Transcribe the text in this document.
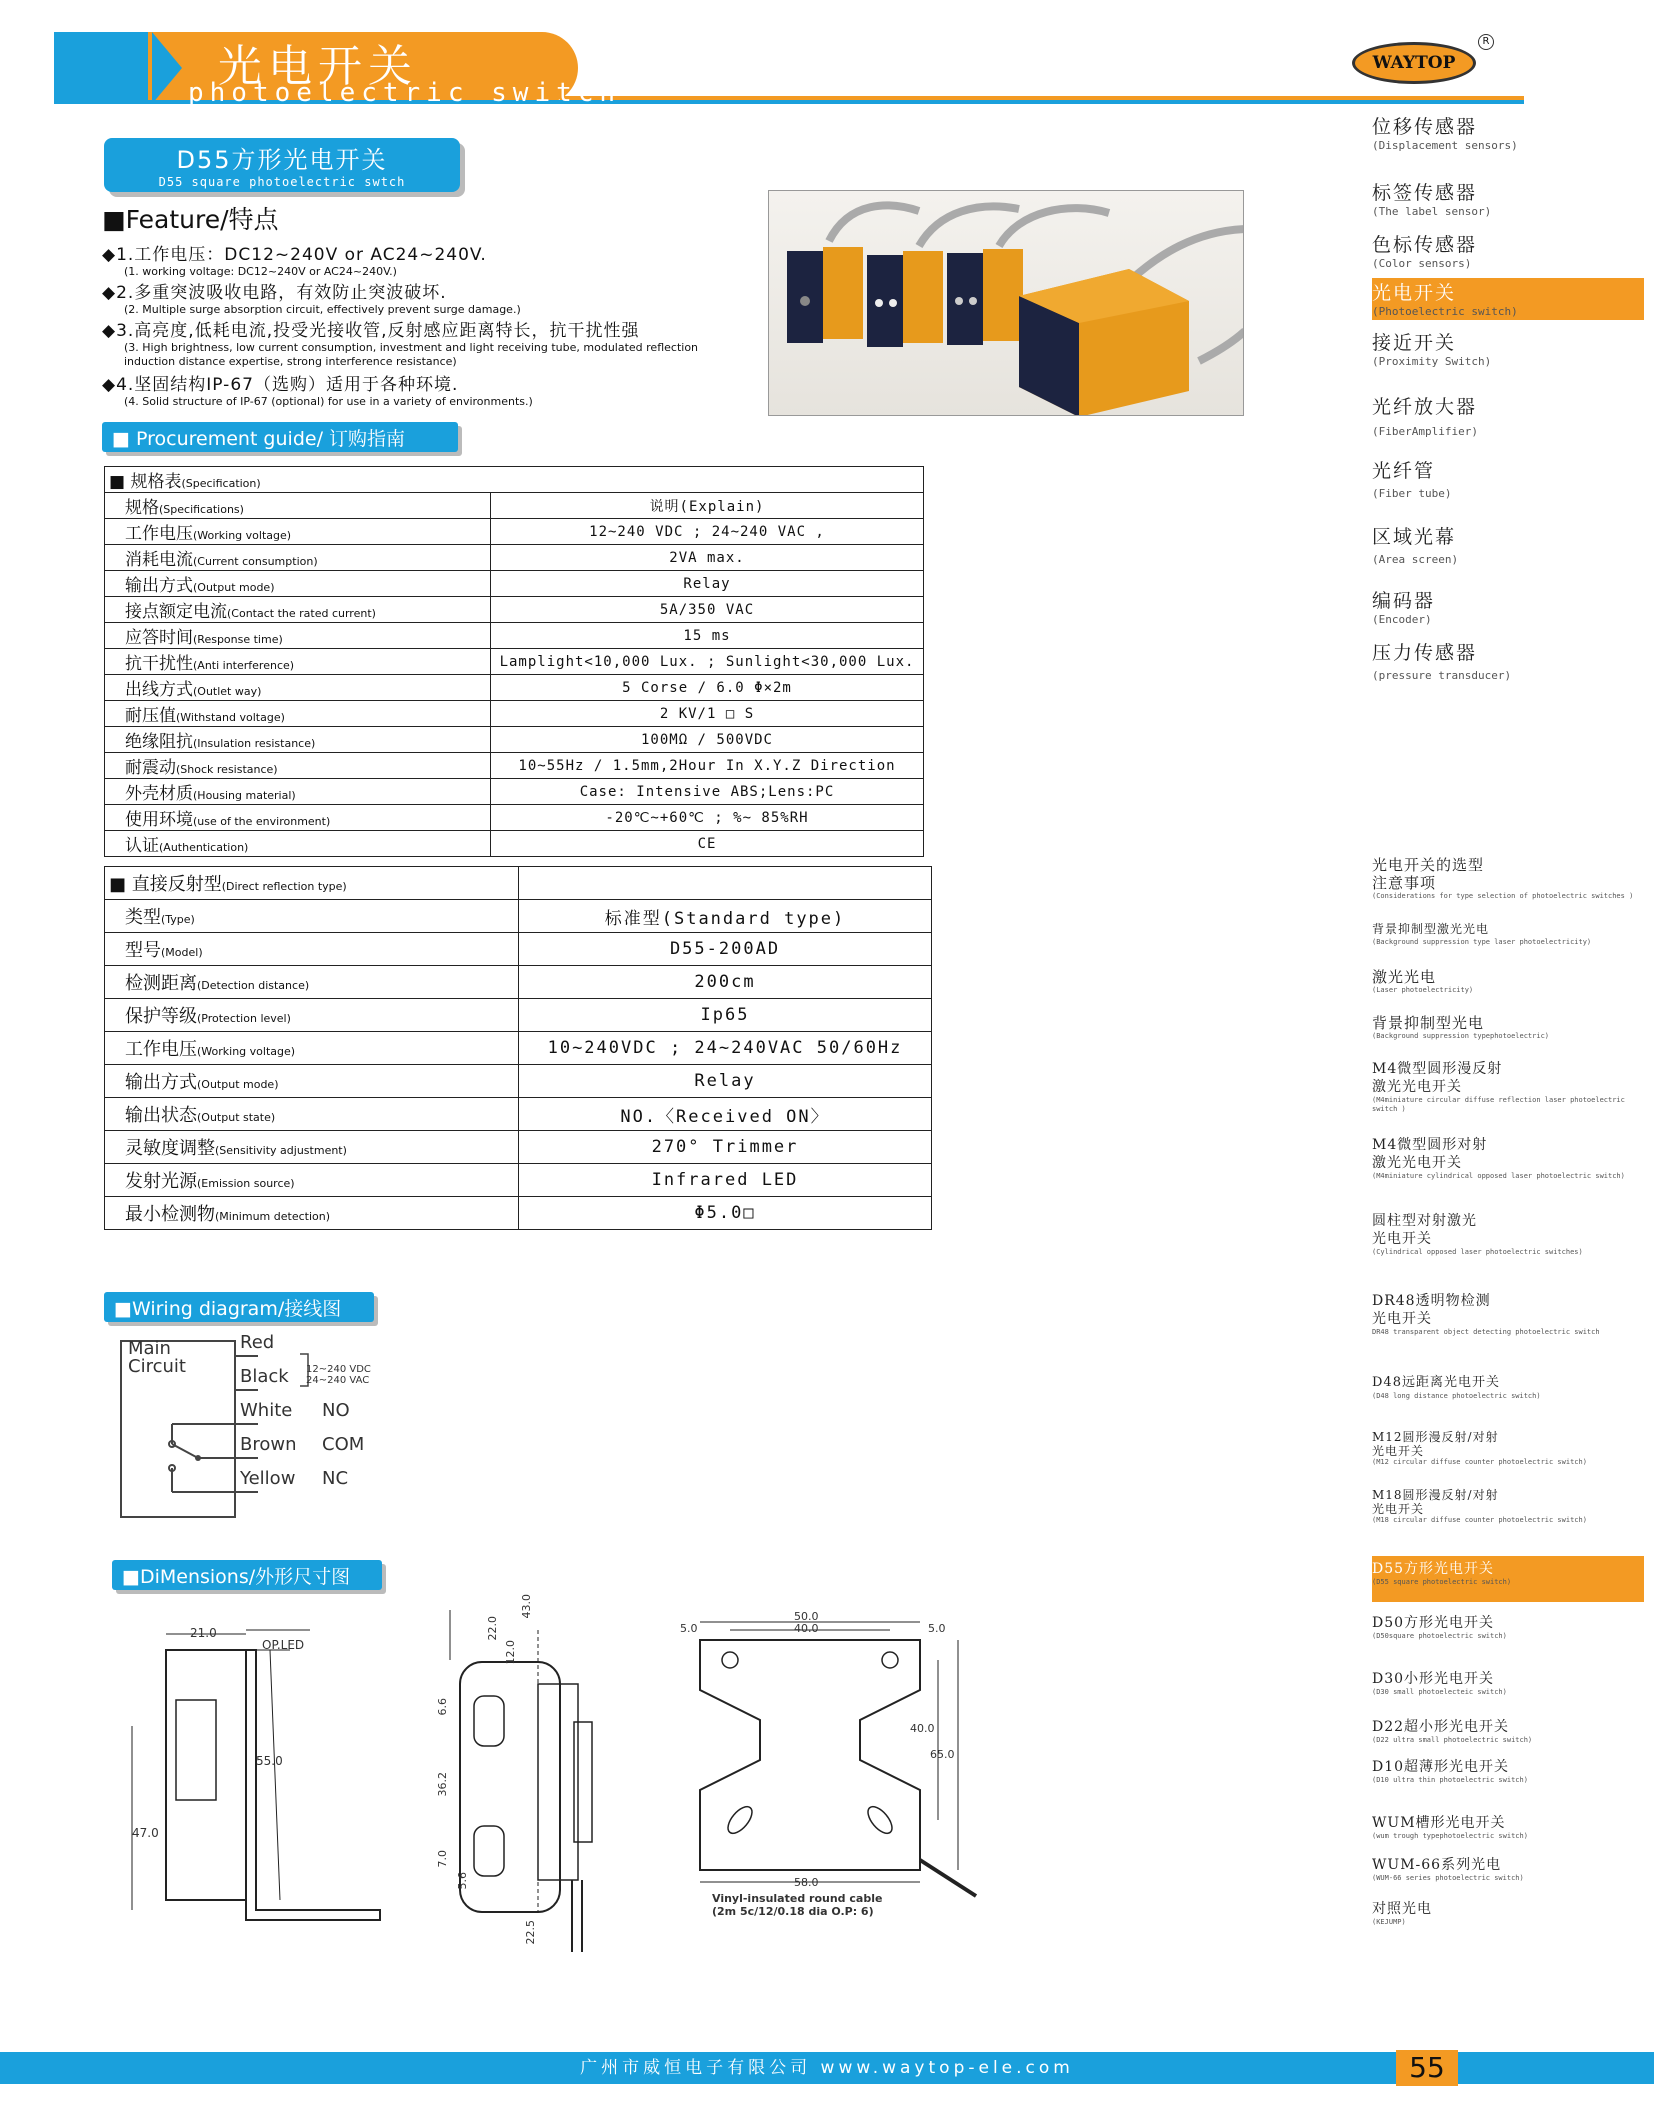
光电开关
photoelectric switch
WAYTOP
R
D55方形光电开关
D55 square photoelectric swtch
■Feature/特点
◆1.工作电压：DC12~240V or AC24~240V.
(1. working voltage: DC12~240V or AC24~240V.)
◆2.多重突波吸收电路，有效防止突波破坏.
(2. Multiple surge absorption circuit, effectively prevent surge damage.)
◆3.高亮度,低耗电流,投受光接收管,反射感应距离特长，抗干扰性强
(3. High brightness, low current consumption, investment and light receiving tube, modulated reflection induction distance expertise, strong interference resistance)
◆4.坚固结构IP-67（选购）适用于各种环境.
(4. Solid structure of IP-67 (optional) for use in a variety of environments.)
■ Procurement guide/ 订购指南
■ 规格表(Specification)	
规格(Specifications)	说明(Explain)
工作电压(Working voltage)	12~240 VDC ; 24~240 VAC ,
消耗电流(Current consumption)	2VA max.
输出方式(Output mode)	Relay
接点额定电流(Contact the rated current)	5A/350 VAC
应答时间(Response time)	15 ms
抗干扰性(Anti interference)	Lamplight<10,000 Lux. ; Sunlight<30,000 Lux.
出线方式(Outlet way)	5 Corse / 6.0 Φ×2m
耐压值(Withstand voltage)	2 KV/1 □ S
绝缘阻抗(Insulation resistance)	100MΩ / 500VDC
耐震动(Shock resistance)	10~55Hz / 1.5mm,2Hour In X.Y.Z Direction
外壳材质(Housing material)	Case: Intensive ABS;Lens:PC
使用环境(use of the environment)	-20℃~+60℃ ; %~ 85%RH
认证(Authentication)	CE
■ 直接反射型(Direct reflection type)	
类型(Type)	标准型(Standard type)
型号(Model)	D55-200AD
检测距离(Detection distance)	200cm
保护等级(Protection level)	Ip65
工作电压(Working voltage)	10~240VDC ; 24~240VAC 50/60Hz
输出方式(Output mode)	Relay
输出状态(Output state)	NO.〈Received ON〉
灵敏度调整(Sensitivity adjustment)	270° Trimmer
发射光源(Emission source)	Infrared LED
最小检测物(Minimum detection)	Φ5.0□
■Wiring diagram/接线图
Main
Circuit
Red
Black
White
Brown
Yellow
NO
COM
NC
12~240 VDC
24~240 VAC
■DiMensions/外形尺寸图
21.0
OP.LED
55.0
47.0
43.0
22.0
12.0
6.6
36.2
7.0
5.6
22.5
50.0
40.0
5.0	5.0
40.0
65.0
58.0
Vinyl-insulated round cable
(2m 5c/12/0.18 dia O.P: 6)
位移传感器
(Displacement sensors)
标签传感器
(The label sensor)
色标传感器
(Color sensors)
光电开关
(Photoelectric switch)
接近开关
(Proximity Switch)
光纤放大器
(FiberAmplifier)
光纤管
(Fiber tube)
区域光幕
(Area screen)
编码器
(Encoder)
压力传感器
(pressure transducer)
光电开关的选型
注意事项
(Considerations for type selection of photoelectric switches )
背景抑制型激光光电
(Background suppression type laser photoelectricity)
激光光电
(Laser photoelectricity)
背景抑制型光电
(Background suppression typephotoelectric)
M4微型圆形漫反射
激光光电开关
(M4miniature circular diffuse reflection laser photoelectric switch )
M4微型圆形对射
激光光电开关
(M4miniature cylindrical opposed laser photoelectric switch)
圆柱型对射激光
光电开关
(Cylindrical opposed laser photoelectric switches)
DR48透明物检测
光电开关
DR48 transparent object detecting photoelectric switch
D48远距离光电开关
(D48 long distance photoelectric switch)
M12圆形漫反射/对射
光电开关
(M12 circular diffuse counter photoelectric switch)
M18圆形漫反射/对射
光电开关
(M18 circular diffuse counter photoelectric switch)
D55方形光电开关
(D55 square photoelectric switch)
D50方形光电开关
(D50square photoelectric switch)
D30小形光电开关
(D30 small photoelecteic switch)
D22超小形光电开关
(D22 ultra small photoelectric switch)
D10超薄形光电开关
(D10 ultra thin photoelectric switch)
WUM槽形光电开关
(wum trough typephotoelectric switch)
WUM-66系列光电
(WUM-66 series photoelectric switch)
对照光电
(KEJUMP)
广州市威恒电子有限公司 www.waytop-ele.com	55
